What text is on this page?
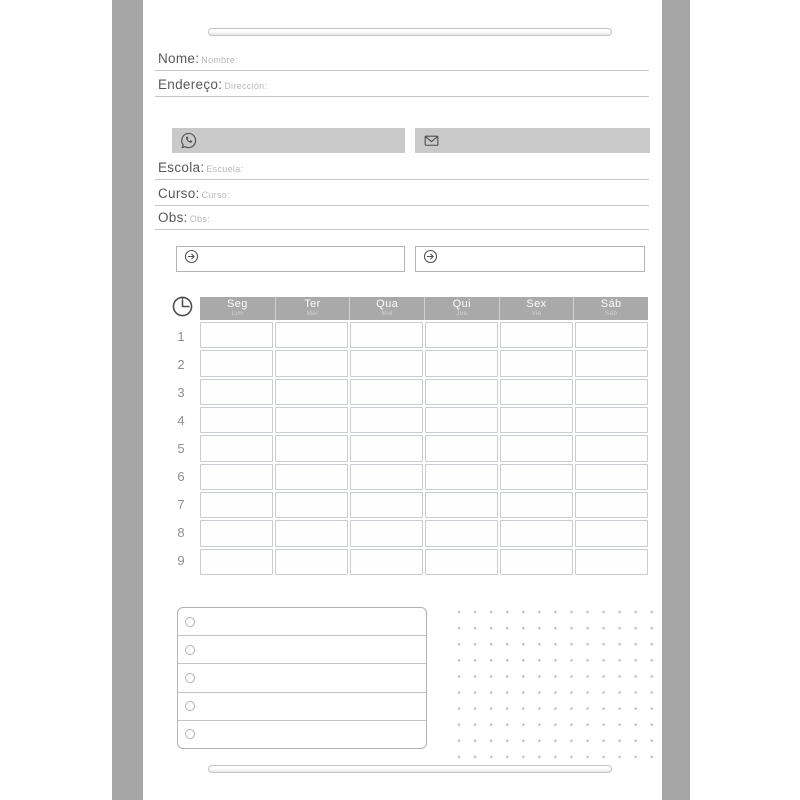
Nome: Nombre:
Endereço: Dirección:
Escola: Escuela:
Curso: Curso:
Obs: Obs:
Seg
Lun
Ter
Mar
Qua
Mié
Qui
Jue
Sex
Vie
Sáb
Sáb
1
2
3
4
5
6
7
8
9
